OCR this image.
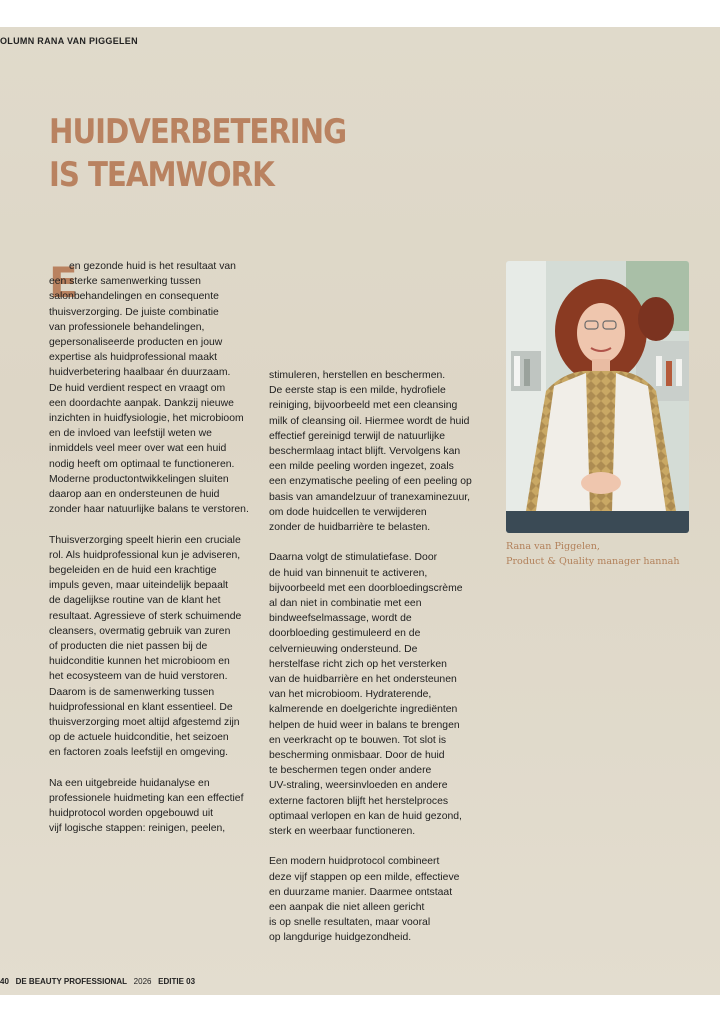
OLUMN RANA VAN PIGGELEN
HUIDVERBETERING
IS TEAMWORK
E

en gezonde huid is het resultaat van
een sterke samenwerking tussen
salonbehandelingen en consequente
thuisverzorging. De juiste combinatie
van professionele behandelingen,
gepersonaliseerde producten en jouw
expertise als huidprofessional maakt
huidverbetering haalbaar én duurzaam.
De huid verdient respect en vraagt om
een doordachte aanpak. Dankzij nieuwe
inzichten in huidfysiologie, het microbioom
en de invloed van leefstijl weten we
inmiddels veel meer over wat een huid
nodig heeft om optimaal te functioneren.
Moderne productontwikkelingen sluiten
daarop aan en ondersteunen de huid
zonder haar natuurlijke balans te verstoren.

Thuisverzorging speelt hierin een cruciale
rol. Als huidprofessional kun je adviseren,
begeleiden en de huid een krachtige
impuls geven, maar uiteindelijk bepaalt
de dagelijkse routine van de klant het
resultaat. Agressieve of sterk schuimende
cleansers, overmatig gebruik van zuren
of producten die niet passen bij de
huidconditie kunnen het microbioom en
het ecosysteem van de huid verstoren.
Daarom is de samenwerking tussen
huidprofessional en klant essentieel. De
thuisverzorging moet altijd afgestemd zijn
op de actuele huidconditie, het seizoen
en factoren zoals leefstijl en omgeving.

Na een uitgebreide huidanalyse en
professionele huidmeting kan een effectief
huidprotocol worden opgebouwd uit
vijf logische stappen: reinigen, peelen,

stimuleren, herstellen en beschermen.
De eerste stap is een milde, hydrofiele
reiniging, bijvoorbeeld met een cleansing
milk of cleansing oil. Hiermee wordt de huid
effectief gereinigd terwijl de natuurlijke
beschermlaag intact blijft. Vervolgens kan
een milde peeling worden ingezet, zoals
een enzymatische peeling of een peeling op
basis van amandelzuur of tranexaminezuur,
om dode huidcellen te verwijderen
zonder de huidbarrière te belasten.

Daarna volgt de stimulatiefase. Door
de huid van binnenuit te activeren,
bijvoorbeeld met een doorbloedingscrème
al dan niet in combinatie met een
bindweefselmassage, wordt de
doorbloeding gestimuleerd en de
celvernieuwing ondersteund. De
herstelfase richt zich op het versterken
van de huidbarrière en het ondersteunen
van het microbioom. Hydraterende,
kalmerende en doelgerichte ingrediënten
helpen de huid weer in balans te brengen
en veerkracht op te bouwen. Tot slot is
bescherming onmisbaar. Door de huid
te beschermen tegen onder andere
UV-straling, weersinvloeden en andere
externe factoren blijft het herstelproces
optimaal verlopen en kan de huid gezond,
sterk en weerbaar functioneren.

Een modern huidprotocol combineert
deze vijf stappen op een milde, effectieve
en duurzame manier. Daarmee ontstaat
een aanpak die niet alleen gericht
is op snelle resultaten, maar vooral
op langdurige huidgezondheid.

Rana van Piggelen,
Product & Quality manager hannah
40 DE BEAUTY PROFESSIONAL 2026 EDITIE 03
